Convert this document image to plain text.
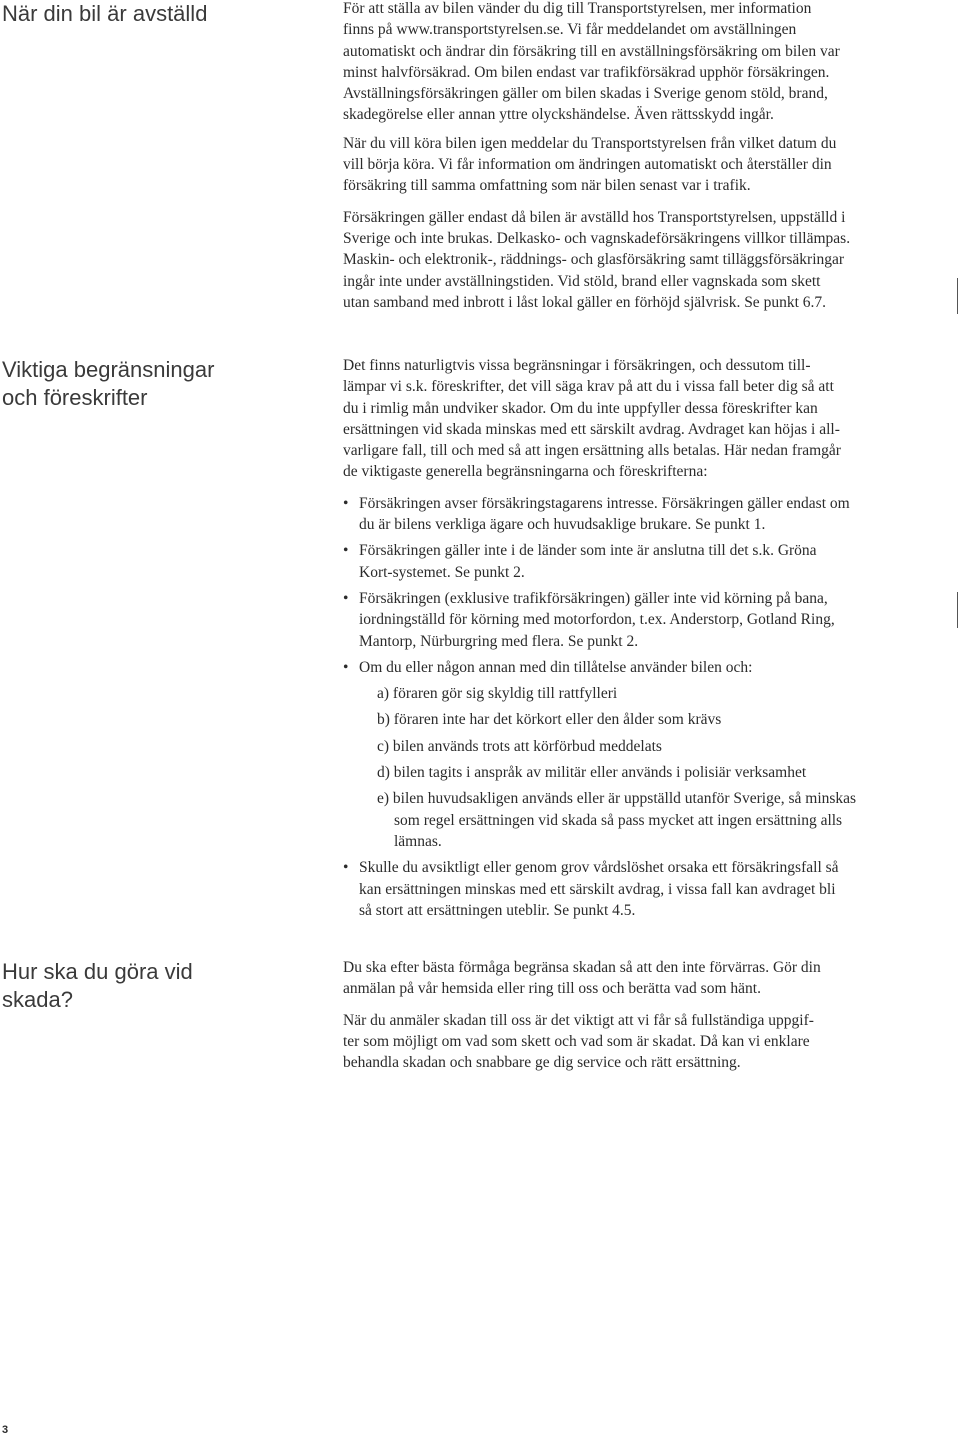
När din bil är avställd	För att ställa av bilen vänder du dig till Transportstyrelsen, mer information
finns på www.transportstyrelsen.se. Vi får meddelandet om avställningen
automatiskt och ändrar din försäkring till en avställningsförsäkring om bilen var
minst halvförsäkrad. Om bilen endast var trafikförsäkrad upphör försäkringen.
Avställningsförsäkringen gäller om bilen skadas i Sverige genom stöld, brand,
skadegörelse eller annan yttre olyckshändelse. Även rättsskydd ingår.

När du vill köra bilen igen meddelar du Transportstyrelsen från vilket datum du
vill börja köra. Vi får information om ändringen automatiskt och återställer din
försäkring till samma omfattning som när bilen senast var i trafik.

Försäkringen gäller endast då bilen är avställd hos Transportstyrelsen, uppställd i
Sverige och inte brukas. Delkasko- och vagnskadeförsäkringens villkor tillämpas.
Maskin- och elektronik-, räddnings- och glasförsäkring samt tilläggsförsäkringar
ingår inte under avställningstiden. Vid stöld, brand eller vagnskada som skett
utan samband med inbrott i låst lokal gäller en förhöjd självrisk. Se punkt 6.7.

Viktiga begränsningar
och föreskrifter

Det finns naturligtvis vissa begränsningar i försäkringen, och dessutom till-
lämpar vi s.k. föreskrifter, det vill säga krav på att du i vissa fall beter dig så att
du i rimlig mån undviker skador. Om du inte uppfyller dessa föreskrifter kan
ersättningen vid skada minskas med ett särskilt avdrag. Avdraget kan höjas i all-
varligare fall, till och med så att ingen ersättning alls betalas. Här nedan framgår
de viktigaste generella begränsningarna och föreskrifterna:

• Försäkringen avser försäkringstagarens intresse. Försäkringen gäller endast om
du är bilens verkliga ägare och huvudsaklige brukare. Se punkt 1.
• Försäkringen gäller inte i de länder som inte är anslutna till det s.k. Gröna
Kort-systemet. Se punkt 2.
• Försäkringen (exklusive trafikförsäkringen) gäller inte vid körning på bana,
iordningställd för körning med motorfordon, t.ex. Anderstorp, Gotland Ring,
Mantorp, Nürburgring med flera. Se punkt 2.
• Om du eller någon annan med din tillåtelse använder bilen och:
a) föraren gör sig skyldig till rattfylleri
b) föraren inte har det körkort eller den ålder som krävs
c) bilen används trots att körförbud meddelats
d) bilen tagits i anspråk av militär eller används i polisiär verksamhet
e) bilen huvudsakligen används eller är uppställd utanför Sverige, så minskas
som regel ersättningen vid skada så pass mycket att ingen ersättning alls
lämnas.
• Skulle du avsiktligt eller genom grov vårdslöshet orsaka ett försäkringsfall så
kan ersättningen minskas med ett särskilt avdrag, i vissa fall kan avdraget bli
så stort att ersättningen uteblir. Se punkt 4.5.
Hur ska du göra vid
skada?

Du ska efter bästa förmåga begränsa skadan så att den inte förvärras. Gör din
anmälan på vår hemsida eller ring till oss och berätta vad som hänt.

När du anmäler skadan till oss är det viktigt att vi får så fullständiga uppgif-
ter som möjligt om vad som skett och vad som är skadat. Då kan vi enklare
behandla skadan och snabbare ge dig service och rätt ersättning.

3
